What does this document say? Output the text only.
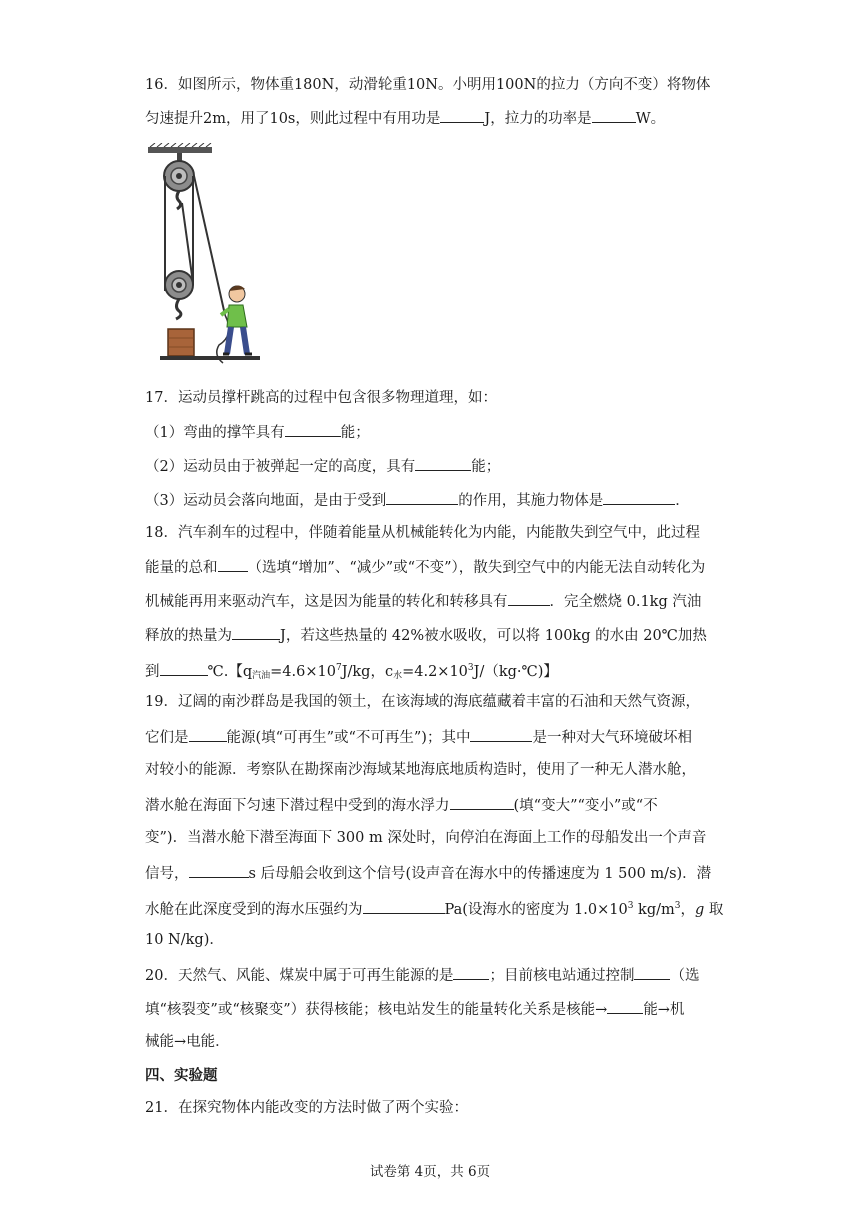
16．如图所示，物体重180N，动滑轮重10N。小明用100N的拉力（方向不变）将物体
匀速提升2m，用了10s，则此过程中有用功是	J，拉力的功率是	W。
17．运动员撑杆跳高的过程中包含很多物理道理，如：
（1）弯曲的撑竿具有	能；
（2）运动员由于被弹起一定的高度，具有	能；
（3）运动员会落向地面，是由于受到	的作用，其施力物体是	．
18．汽车刹车的过程中，伴随着能量从机械能转化为内能，内能散失到空气中，此过程
能量的总和 （选填“增加”、“减少”或“不变”），散失到空气中的内能无法自动转化为
机械能再用来驱动汽车，这是因为能量的转化和转移具有	．完全燃烧 0.1kg 汽油
释放的热量为	J，若这些热量的 42%被水吸收，可以将 100kg 的水由 20℃加热
到	℃.【$q_{汽油}=4.6\times 10^7J/kg$，$c_水=4.2\times 10^3J/(kg\cdot℃)$】
19．辽阔的南沙群岛是我国的领土，在该海域的海底蕴藏着丰富的石油和天然气资源，
它们是	能源(填“可再生”或“不可再生”)；其中	是一种对大气环境破坏相
对较小的能源．考察队在勘探南沙海域某地海底地质构造时，使用了一种无人潜水舱，
潜水舱在海面下匀速下潜过程中受到的海水浮力	(填“变大”“变小”或“不
变”)．当潜水舱下潜至海面下 300 m 深处时，向停泊在海面上工作的母船发出一个声音
信号，	s 后母船会收到这个信号(设声音在海水中的传播速度为 1 500 m/s)．潜
水舱在此深度受到的海水压强约为	Pa(设海水的密度为 $1.0\times 10^3$ $kg/m^3$，g 取
10 N/kg)．
20．天然气、风能、煤炭中属于可再生能源的是 ；目前核电站通过控制 （选
填“核裂变”或“核聚变”）获得核能；核电站发生的能量转化关系是核能→ 能→机
械能→电能．
四、实验题
21．在探究物体内能改变的方法时做了两个实验：
试卷第 4页，共 6页
